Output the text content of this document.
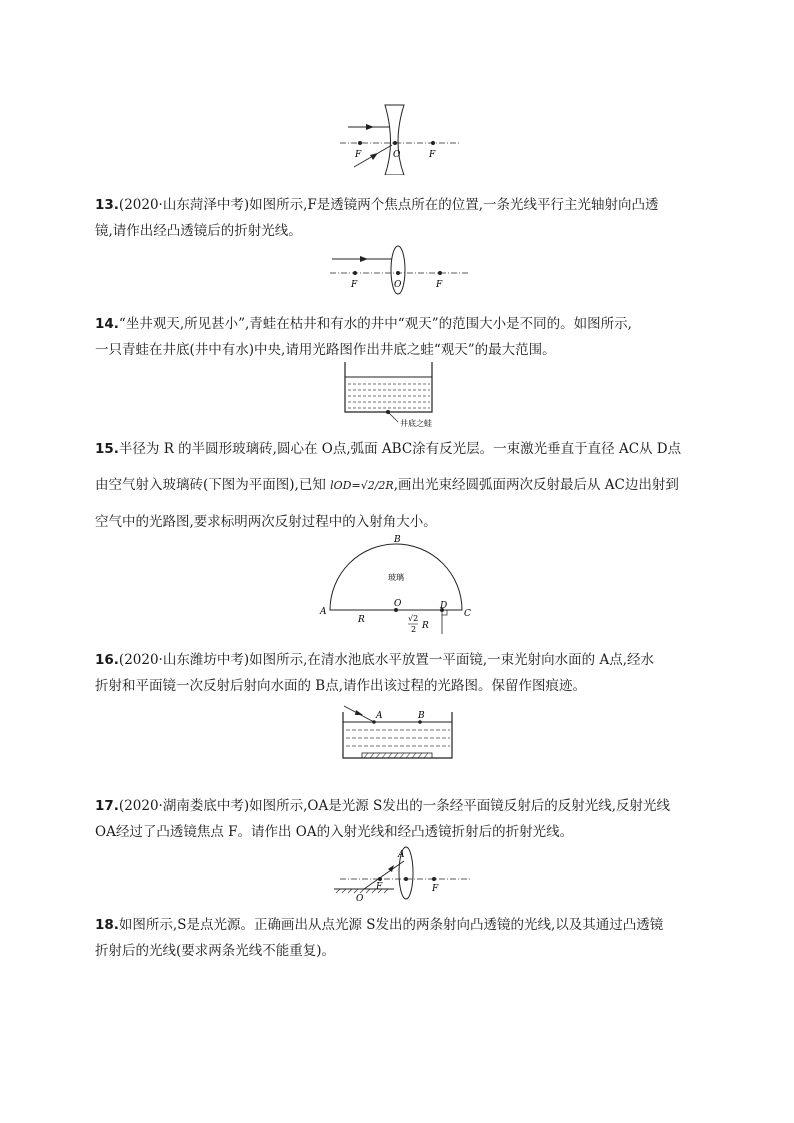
F	O	F
13.(2020·山东菏泽中考)如图所示,F是透镜两个焦点所在的位置,一条光线平行主光轴射向凸透
镜,请作出经凸透镜后的折射光线。
F	O	F
14.“坐井观天,所见甚小”,青蛙在枯井和有水的井中“观天”的范围大小是不同的。如图所示,
一只青蛙在井底(井中有水)中央,请用光路图作出井底之蛙“观天”的最大范围。
井底之蛙
15.半径为 R 的半圆形玻璃砖,圆心在 O点,弧面 ABC涂有反光层。一束激光垂直于直径 AC从 D点
由空气射入玻璃砖(下图为平面图),已知 lOD=√2/2R,画出光束经圆弧面两次反射最后从 AC边出射到
空气中的光路图,要求标明两次反射过程中的入射角大小。
B
玻璃
A
O	D
C
R	√2
2 R
16.(2020·山东潍坊中考)如图所示,在清水池底水平放置一平面镜,一束光射向水面的 A点,经水
折射和平面镜一次反射后射向水面的 B点,请作出该过程的光路图。保留作图痕迹。
A	B
17.(2020·湖南娄底中考)如图所示,OA是光源 S发出的一条经平面镜反射后的反射光线,反射光线
OA经过了凸透镜焦点 F。请作出 OA的入射光线和经凸透镜折射后的折射光线。
A
F
O
F
18.如图所示,S是点光源。正确画出从点光源 S发出的两条射向凸透镜的光线,以及其通过凸透镜
折射后的光线(要求两条光线不能重复)。
